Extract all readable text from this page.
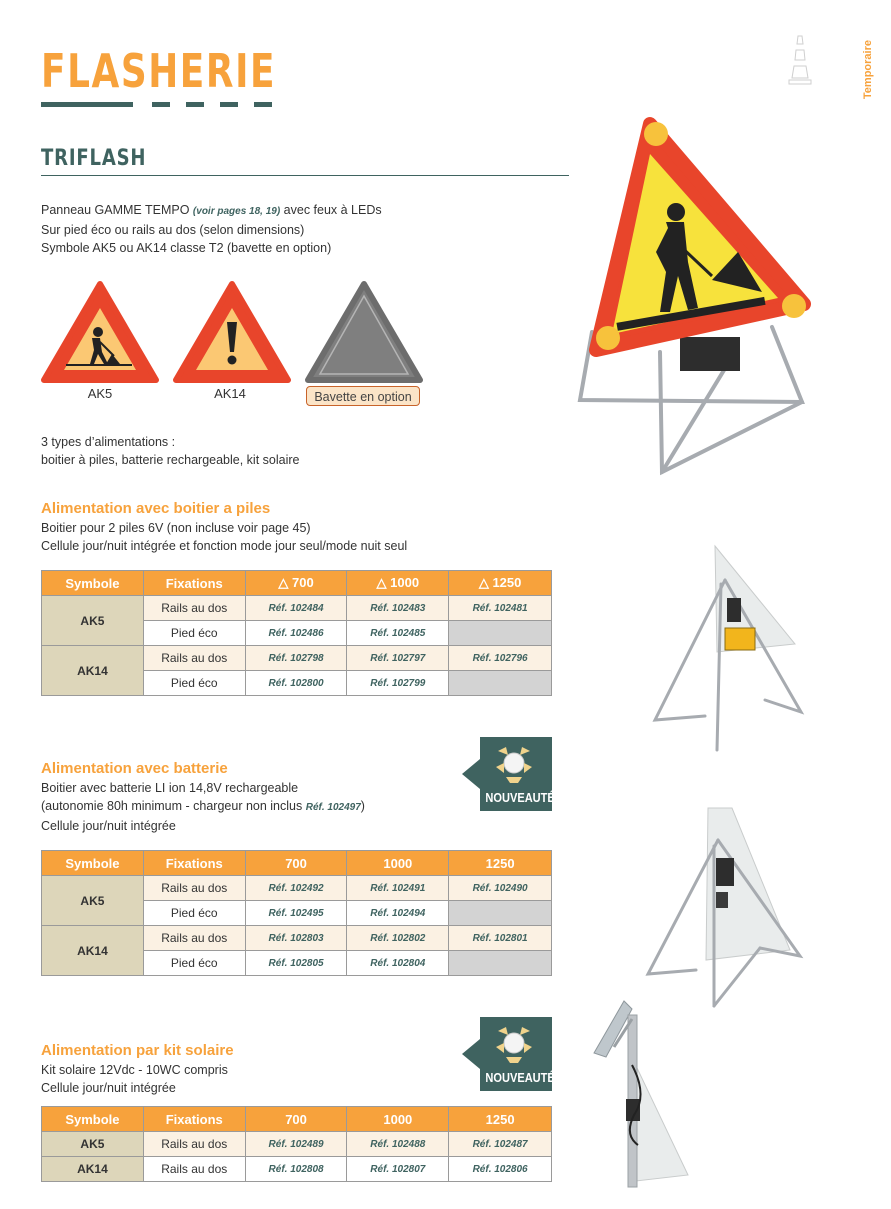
FLASHERIE	Temporaire
TRIFLASH
Panneau GAMME TEMPO (voir pages 18, 19) avec feux à LEDs
Sur pied éco ou rails au dos (selon dimensions)
Symbole AK5 ou AK14 classe T2 (bavette en option)
AK5	AK14	Bavette en option
3 types d’alimentations :
boitier à piles, batterie rechargeable, kit solaire
Alimentation avec boitier a piles
Boitier pour 2 piles 6V (non incluse voir page 45)
Cellule jour/nuit intégrée et fonction mode jour seul/mode nuit seul
Symbole	Fixations	△ 700	△ 1000	△ 1250
AK5	Rails au dos	Réf. 102484	Réf. 102483	Réf. 102481
	Pied éco	Réf. 102486	Réf. 102485	
AK14	Rails au dos	Réf. 102798	Réf. 102797	Réf. 102796
	Pied éco	Réf. 102800	Réf. 102799	
Alimentation avec batterie
Boitier avec batterie LI ion 14,8V rechargeable
(autonomie 80h minimum - chargeur non inclus Réf. 102497)
Cellule jour/nuit intégrée
NOUVEAUTÉ
Symbole	Fixations	700	1000	1250
AK5	Rails au dos	Réf. 102492	Réf. 102491	Réf. 102490
	Pied éco	Réf. 102495	Réf. 102494	
AK14	Rails au dos	Réf. 102803	Réf. 102802	Réf. 102801
	Pied éco	Réf. 102805	Réf. 102804	
Alimentation par kit solaire
Kit solaire 12Vdc - 10WC compris
Cellule jour/nuit intégrée
NOUVEAUTÉ
Symbole	Fixations	700	1000	1250
AK5	Rails au dos	Réf. 102489	Réf. 102488	Réf. 102487
AK14	Rails au dos	Réf. 102808	Réf. 102807	Réf. 102806
